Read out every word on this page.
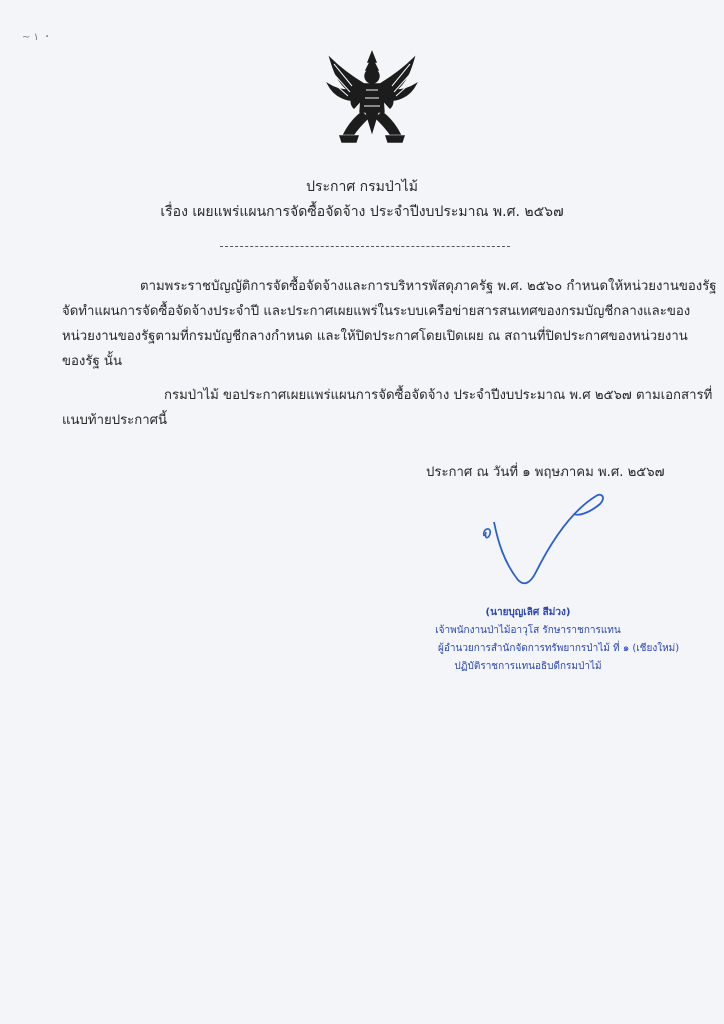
~ ۱ ・
ประกาศ กรมป่าไม้
เรื่อง เผยแพร่แผนการจัดซื้อจัดจ้าง ประจำปีงบประมาณ พ.ศ. ๒๕๖๗
ตามพระราชบัญญัติการจัดซื้อจัดจ้างและการบริหารพัสดุภาครัฐ พ.ศ. ๒๕๖๐ กำหนดให้หน่วยงานของรัฐ
จัดทำแผนการจัดซื้อจัดจ้างประจำปี และประกาศเผยแพร่ในระบบเครือข่ายสารสนเทศของกรมบัญชีกลางและของ
หน่วยงานของรัฐตามที่กรมบัญชีกลางกำหนด และให้ปิดประกาศโดยเปิดเผย ณ สถานที่ปิดประกาศของหน่วยงาน
ของรัฐ นั้น
กรมป่าไม้ ขอประกาศเผยแพร่แผนการจัดซื้อจัดจ้าง ประจำปีงบประมาณ พ.ศ ๒๕๖๗ ตามเอกสารที่
แนบท้ายประกาศนี้
ประกาศ ณ วันที่ ๑ พฤษภาคม พ.ศ. ๒๕๖๗
(นายบุญเลิศ สีม่วง)
เจ้าพนักงานป่าไม้อาวุโส รักษาราชการแทน
ผู้อำนวยการสำนักจัดการทรัพยากรป่าไม้ ที่ ๑ (เชียงใหม่)
ปฏิบัติราชการแทนอธิบดีกรมป่าไม้
